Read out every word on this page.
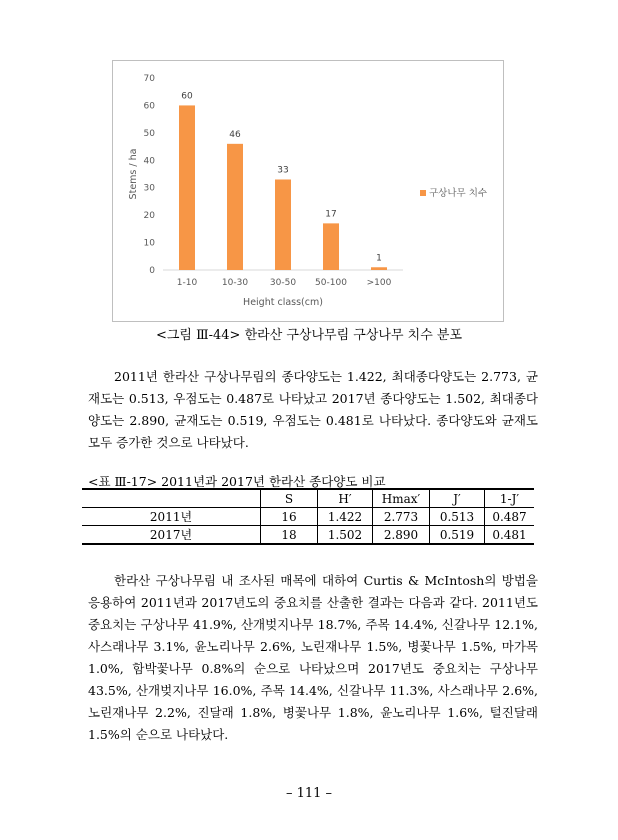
0
10
20
30
40
50
60
70
60
1-10
46
10-30
33
30-50
17
50-100
1
>100
Height class(cm)
Stems / ha	구상나무 치수
<그림 Ⅲ-44> 한라산 구상나무림 구상나무 치수 분포

2011년 한라산 구상나무림의 종다양도는 1.422, 최대종다양도는 2.773, 균재도는 0.513, 우점도는 0.487로 나타났고 2017년 종다양도는 1.502, 최대종다양도는 2.890, 균재도는 0.519, 우점도는 0.481로 나타났다. 종다양도와 균재도 모두 증가한 것으로 나타났다.

<표 Ⅲ-17> 2011년과 2017년 한라산 종다양도 비교
	S	H′	Hmax′	J′	1-J′
2011년	16	1.422	2.773	0.513	0.487
2017년	18	1.502	2.890	0.519	0.481

한라산 구상나무림 내 조사된 매목에 대하여 Curtis & McIntosh의 방법을 응용하여 2011년과 2017년도의 중요치를 산출한 결과는 다음과 같다. 2011년도 중요치는 구상나무 41.9%, 산개벚지나무 18.7%, 주목 14.4%, 신갈나무 12.1%, 사스래나무 3.1%, 윤노리나무 2.6%, 노린재나무 1.5%, 병꽃나무 1.5%, 마가목 1.0%, 함박꽃나무 0.8%의 순으로 나타났으며 2017년도 중요치는 구상나무 43.5%, 산개벚지나무 16.0%, 주목 14.4%, 신갈나무 11.3%, 사스래나무 2.6%, 노린재나무 2.2%, 진달래 1.8%, 병꽃나무 1.8%, 윤노리나무 1.6%, 털진달래 1.5%의 순으로 나타났다.

– 111 –
